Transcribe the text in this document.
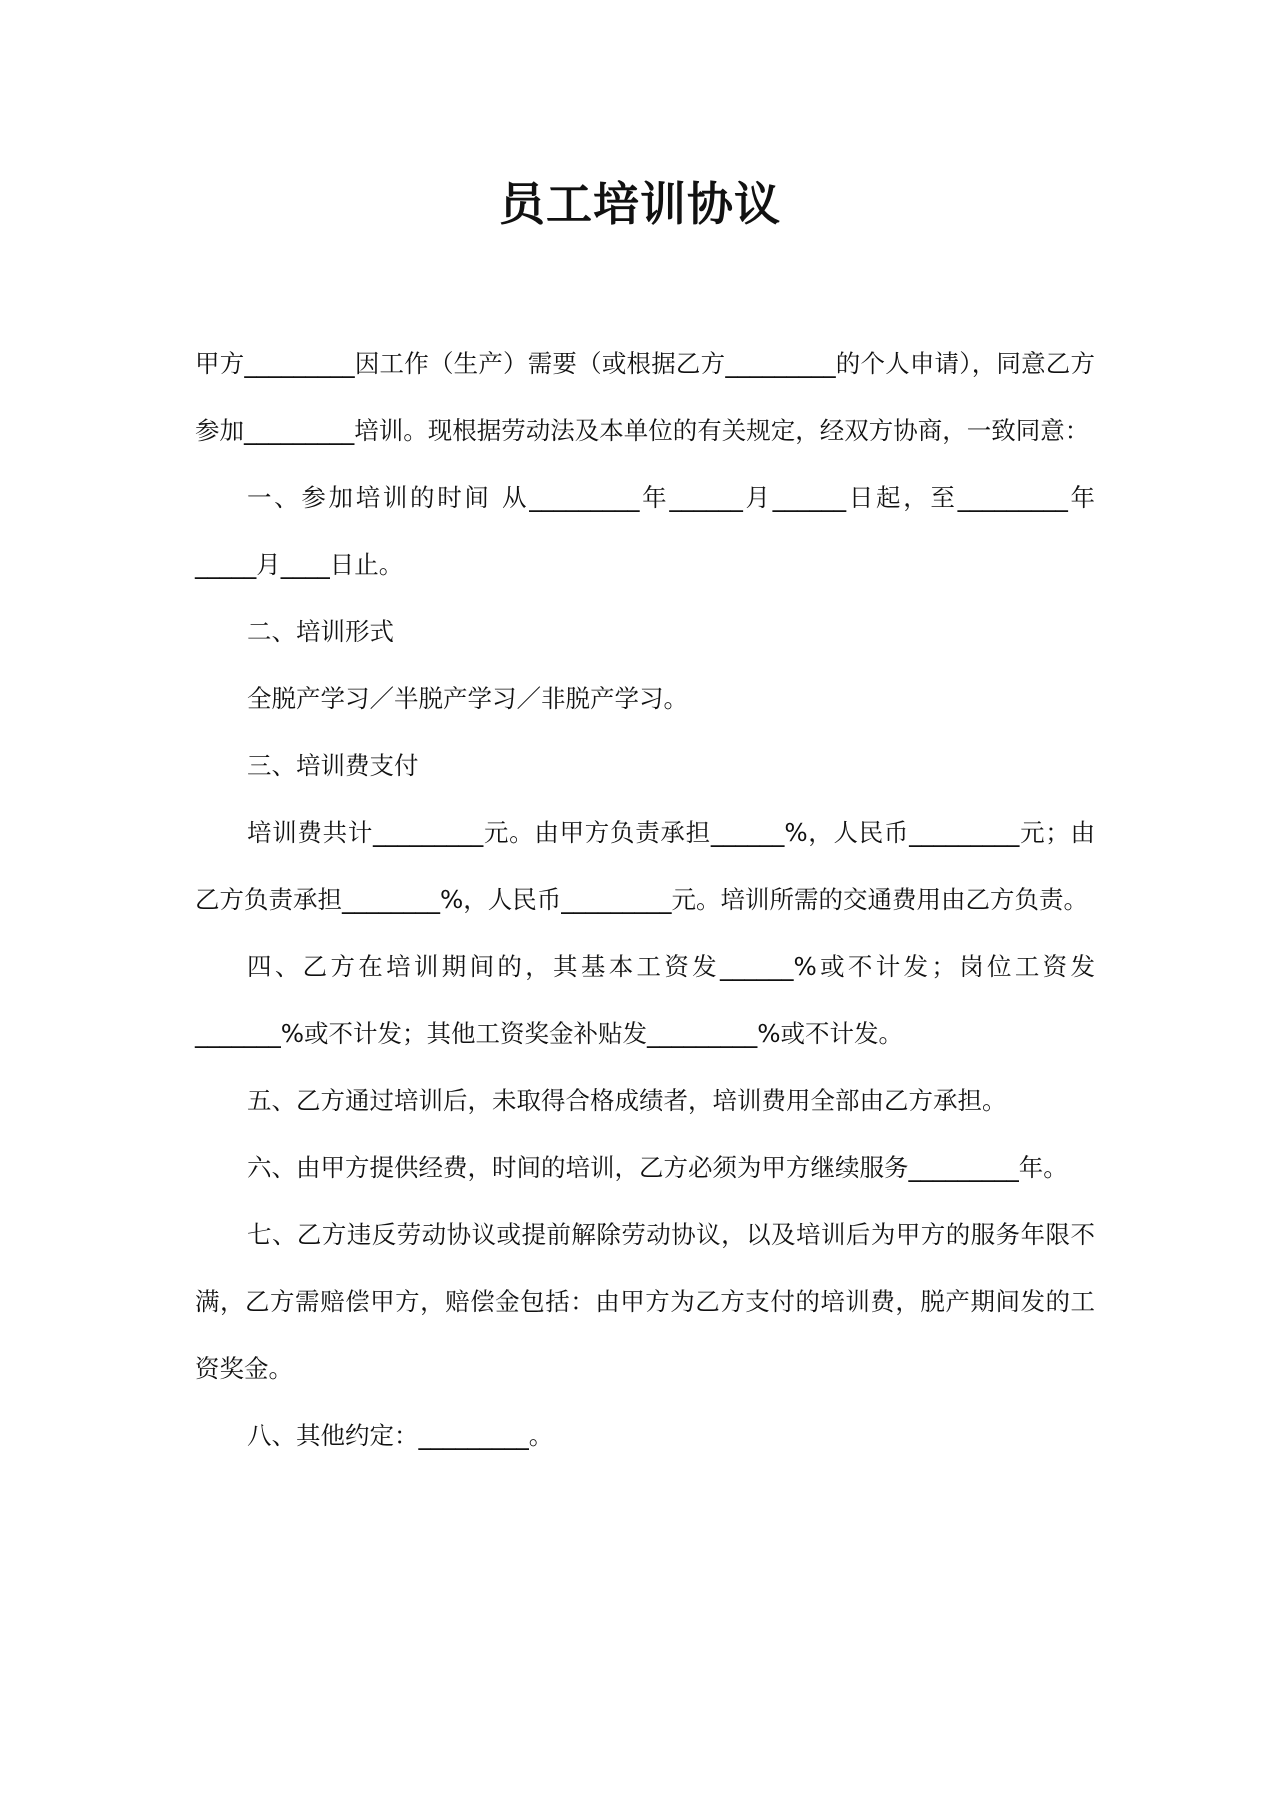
员工培训协议

甲方_________因工作（生产）需要（或根据乙方_________的个人申请），同意乙方参加_________培训。现根据劳动法及本单位的有关规定，经双方协商，一致同意：

一、参加培训的时间 从_________年______月______日起，至_________年_____月____日止。

二、培训形式

全脱产学习／半脱产学习／非脱产学习。

三、培训费支付

培训费共计_________元。由甲方负责承担______%，人民币_________元；由乙方负责承担________%，人民币_________元。培训所需的交通费用由乙方负责。

四、乙方在培训期间的，其基本工资发______%或不计发；岗位工资发_______%或不计发；其他工资奖金补贴发_________%或不计发。

五、乙方通过培训后，未取得合格成绩者，培训费用全部由乙方承担。

六、由甲方提供经费，时间的培训，乙方必须为甲方继续服务_________年。

七、乙方违反劳动协议或提前解除劳动协议，以及培训后为甲方的服务年限不满，乙方需赔偿甲方，赔偿金包括：由甲方为乙方支付的培训费，脱产期间发的工资奖金。

八、其他约定：_________。
